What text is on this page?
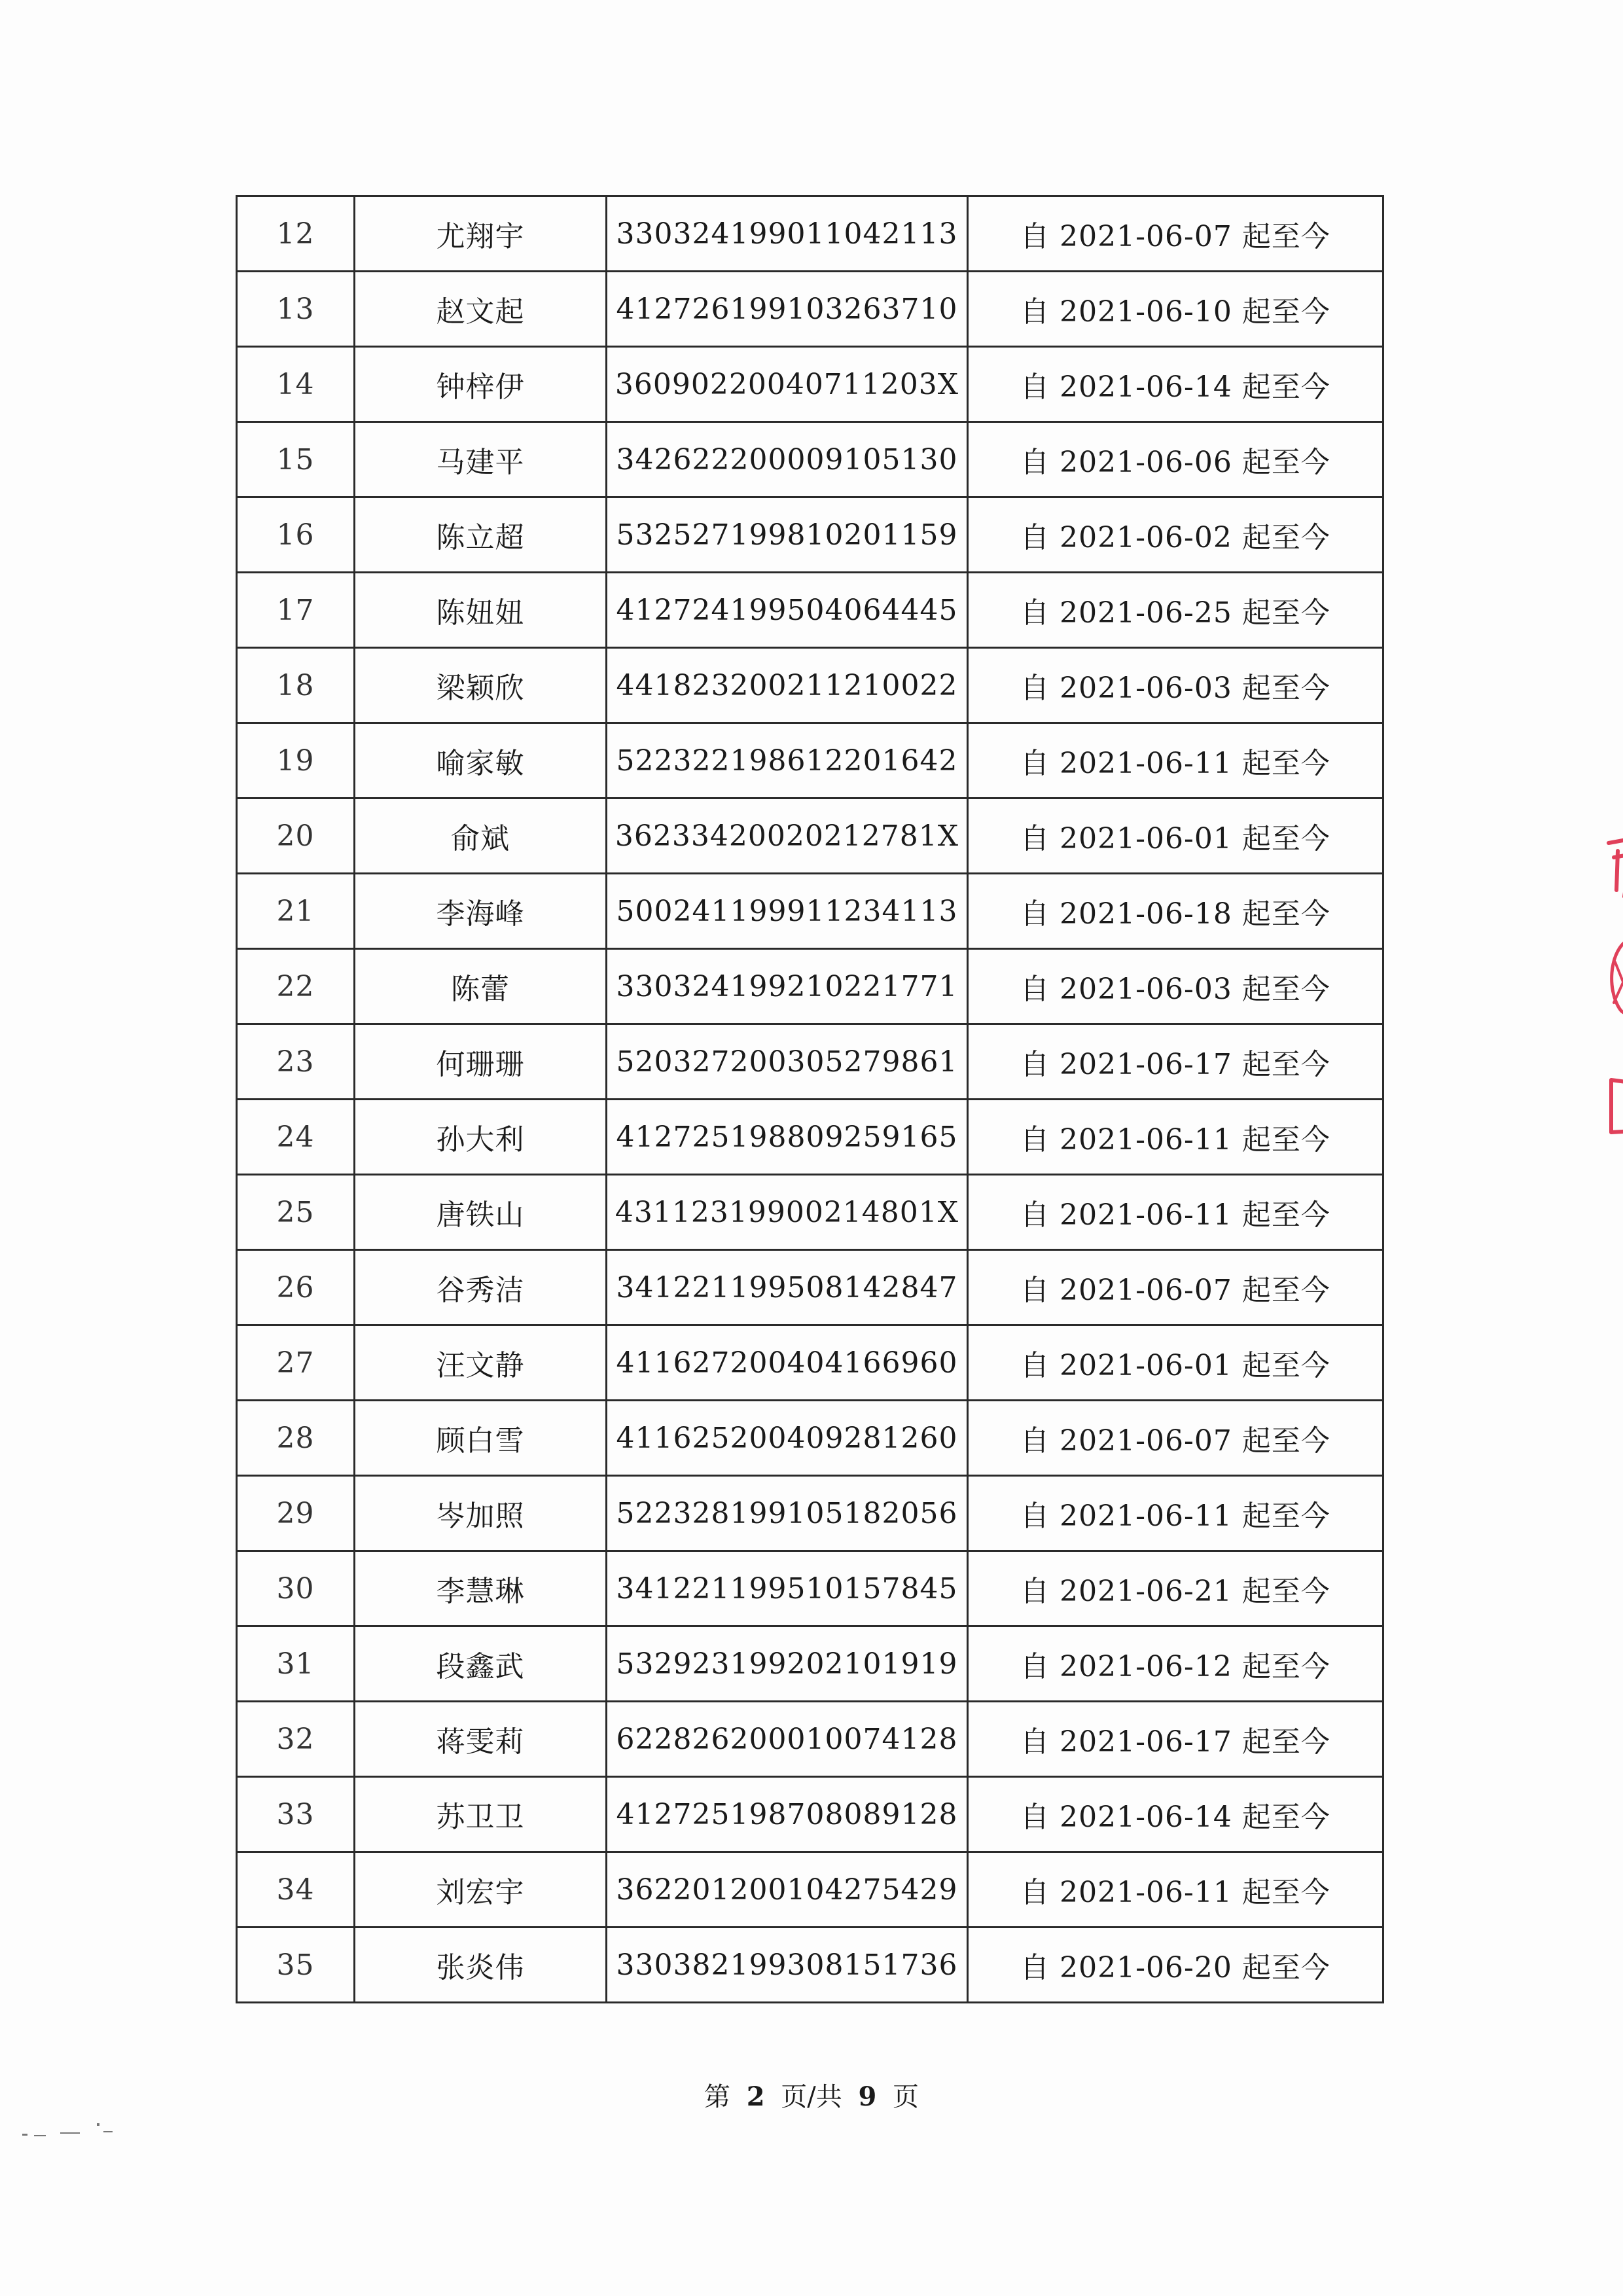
12	尤翔宇	330324199011042113	自 2021-06-07 起至今
13	赵文起	412726199103263710	自 2021-06-10 起至今
14	钟梓伊	36090220040711203X	自 2021-06-14 起至今
15	马建平	342622200009105130	自 2021-06-06 起至今
16	陈立超	532527199810201159	自 2021-06-02 起至今
17	陈妞妞	412724199504064445	自 2021-06-25 起至今
18	梁颖欣	441823200211210022	自 2021-06-03 起至今
19	喻家敏	522322198612201642	自 2021-06-11 起至今
20	俞斌	36233420020212781X	自 2021-06-01 起至今
21	李海峰	500241199911234113	自 2021-06-18 起至今
22	陈蕾	330324199210221771	自 2021-06-03 起至今
23	何珊珊	520327200305279861	自 2021-06-17 起至今
24	孙大利	412725198809259165	自 2021-06-11 起至今
25	唐铁山	43112319900214801X	自 2021-06-11 起至今
26	谷秀洁	341221199508142847	自 2021-06-07 起至今
27	汪文静	411627200404166960	自 2021-06-01 起至今
28	顾白雪	411625200409281260	自 2021-06-07 起至今
29	岑加照	522328199105182056	自 2021-06-11 起至今
30	李慧琳	341221199510157845	自 2021-06-21 起至今
31	段鑫武	532923199202101919	自 2021-06-12 起至今
32	蒋雯莉	622826200010074128	自 2021-06-17 起至今
33	苏卫卫	412725198708089128	自 2021-06-14 起至今
34	刘宏宇	362201200104275429	自 2021-06-11 起至今
35	张炎伟	330382199308151736	自 2021-06-20 起至今
第 2 页/共 9 页
